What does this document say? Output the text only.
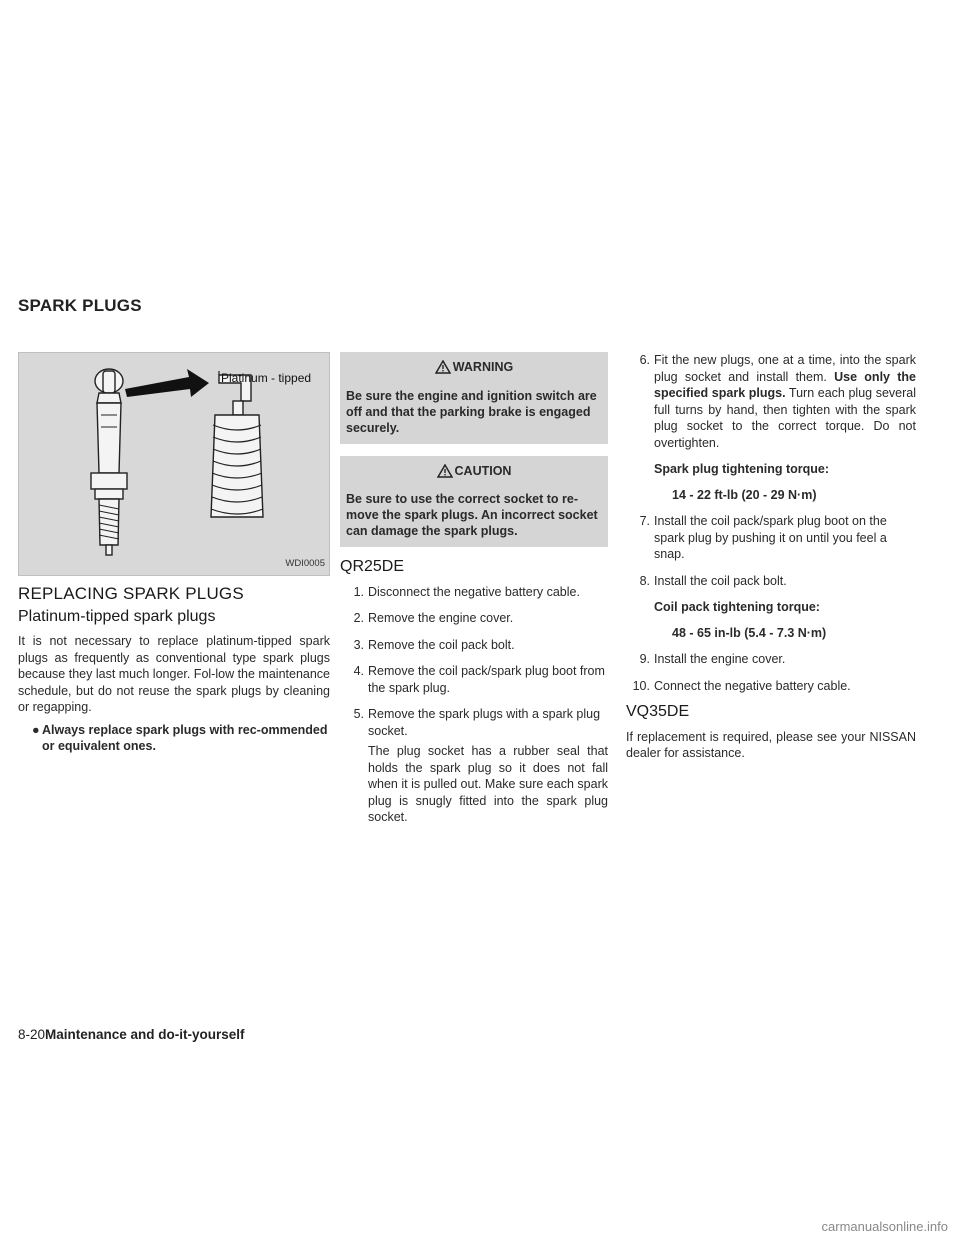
SPARK PLUGS
Platinum - tipped
WDI0005
REPLACING SPARK PLUGS
Platinum-tipped spark plugs

It is not necessary to replace platinum-tipped spark plugs as frequently as conventional type spark plugs because they last much longer. Fol-low the maintenance schedule, but do not reuse the spark plugs by cleaning or regapping.

● Always replace spark plugs with rec-ommended or equivalent ones.
WARNING
Be sure the engine and ignition switch are off and that the parking brake is engaged securely.
CAUTION
Be sure to use the correct socket to re-move the spark plugs. An incorrect socket can damage the spark plugs.
QR25DE
1. Disconnect the negative battery cable.
2. Remove the engine cover.
3. Remove the coil pack bolt.
4. Remove the coil pack/spark plug boot from the spark plug.
5. Remove the spark plugs with a spark plug socket.

The plug socket has a rubber seal that holds the spark plug so it does not fall when it is pulled out. Make sure each spark plug is snugly fitted into the spark plug socket.

6. Fit the new plugs, one at a time, into the spark plug socket and install them. Use only the specified spark plugs. Turn each plug several full turns by hand, then tighten with the spark plug socket to the correct torque. Do not overtighten.
Spark plug tightening torque:
14 - 22 ft-lb (20 - 29 N·m)
7. Install the coil pack/spark plug boot on the spark plug by pushing it on until you feel a snap.
8. Install the coil pack bolt.
Coil pack tightening torque:
48 - 65 in-lb (5.4 - 7.3 N·m)
9. Install the engine cover.
10. Connect the negative battery cable.
VQ35DE

If replacement is required, please see your NISSAN dealer for assistance.

8-20Maintenance and do-it-yourself
carmanualsonline.info
